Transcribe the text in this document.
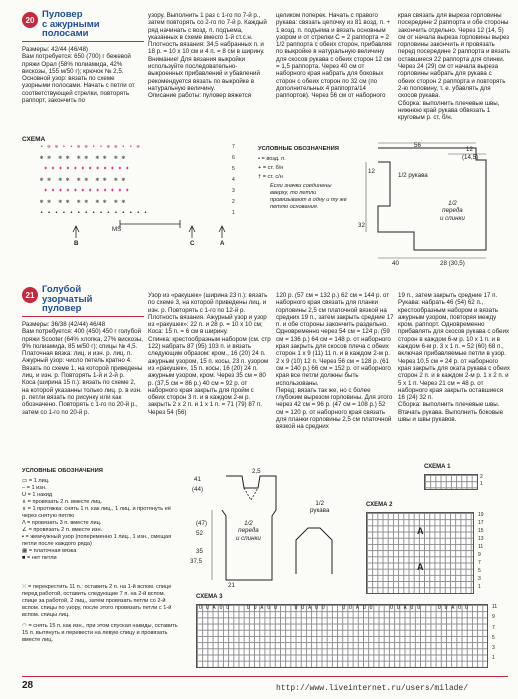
20 Пуловер
с ажурными
полосами
Размеры: 42/44 (46/48)
Вам потребуется: 650 (700) г бежевой пряжи Орал (58% полиамида, 42% вискозы, 155 м/50 г); крючок № 2,5.
Основной узор: вязать по схеме узорными полосами. Начать с петли от соответствующей стрелки, повторять раппорт, закончить по
узору. Выполнить 1 раз с 1-го по 7-й р., затем повторять со 2-го по 7-й р. Каждый ряд начинать с возд. п. подъема, указанных в схеме вмесго 1-й ст.с.н.
Плотность вязания: 34,5 набранных п. и 18 р. = 10 х 10 см и 4 п. = 8 см в ширину.
Внимание! Для вязания выкройки используйте последовательно-выкроенных прибавлений и убавлений рекомендуется вязать по выкройке в натуральную величину.
Описание работы: пуловер вяжется
целиком поперек. Начать с правого рукава: связать цепочку из 81 возд. п. + 1 возд. п. подъема и вязать основным узором и от стрелки С = 2 раппорта = 2 1/2 раппорта с обеих сторон, прибавляя по выкройке в натуральную величину для скосов рукава с обеих сторон 12 см = 1,5 раппорта. Через 40 см от наборного края набрать для боковых сторон с обеих сторон по 32 см (по дополнительных 4 раппорта/14 раппортов). Через 56 см от наборного
края связать для выреза горловины посередине 2 раппорта и обе стороны закончить отдельно. Через 12 (14, 5) см от начала выреза горловины вырез горловины закончить и провязать перед посередине 2 раппорта и вязать оставшиеся 22 раппорта для спинки. Через 24 (29) см от начала выреза горловины набрать для рукава с обеих сторон 2 раппорта и повторять 2-ю половину, т. е. убавлять для скосов рукава.
Сборка: выполнить плечевые швы, нижнюю край рукава обвязать 1 круговым р. ст. б/н.
СХЕМА
• ⊕ ⊕ • • ⊕ ⊕ • • ⊕ ⊕ • • ⊕
✻ ✻  ✻ ✻  ✻ ✻  ✻ ✻  ✻ ✻
♦ ♦ ♦ ♦ ♦ ♦ ♦ ♦ ♦ ♦ ♦ ♦
✻ ✻  ✻ ✻  ✻ ✻  ✻ ✻  ✻ ✻
♦ ♦ ♦ ♦ ♦ ♦ ♦ ♦ ♦ ♦ ♦ ♦
✻ ✻  ✻ ✻  ✻ ✻  ✻ ✻  ✻ ✻
• • • • • • • • • • • • • • •
7
6
5
4
3
2
1
MS
B	C	A
УСЛОВНЫЕ ОБОЗНАЧЕНИЯ
• = возд. п.
+ = ст. б/н
† = ст. с/н
Если значки соединены вверху, то петли провязывают в одну и ту же петлю основания.
56
12
(14,5)
12
1/2 рукава
1/2
переда
и спинки
32
40	28 (30,5)
21 Голубой
узорчатый
пуловер
Размеры: 36/38 (42/44) 46/48
Вам потребуется: 400 (450) 450 г голубой пряжи Scooter (64% хлопка, 27% вискозы, 9% полиамида, 85 м/50 г); спицы № 4,5.
Платочная вязка: лиц. и изн. р. лиц. п.
Ажурный узор: число петель кратно 4. Вязать по схеме 1, на которой приведены лиц. и изн. р. Повторять 1-й и 2-й р.
Коса (ширина 15 п.): вязать по схеме 2, на которой указанны только лиц. р. в изн. р. петли вязать по рисунку или как обозначено. Повторять с 1-го по 20-й р., затем со 1-го по 20-й р.
Узор из «ракушек» (ширина 23 п.): вязать по схеме 3, на которой приведены лиц. и изн. р. Повторять с 1-го по 12-й р.
Плотность вязания. Ажурный узор и узор из «ракушек»: 22 п. и 28 р. = 10 х 10 см; Коса: 15 п. = 6 см в ширину.
Спинка: крестообразным набором (см. стр 122) набрать 87 (95) 103 п. и вязать следующим образом: кром., 16 (20) 24 п. ажурным узором, 15 п. косы, 23 п. узором из «ракушек», 15 п. косы, 16 (20) 24 п. ажурным узором, кром. Через 35 см = 80 р. (37,5 см = 86 р.) 40 см = 92 р. от наборного края закрыть для пройм с обеих сторон 3 п. и в каждом 2-м р. закрыть 2 х 2 п. и 1 х 1 п. = 71 (79) 87 п. Через 54 (56)
120 р. (57 см = 132 р.) 62 см = 144 р. от наборного края связать для планки горловины 2,5 см платочной вязкой на средних 19 п., затем закрыть средние 17 п. и обе стороны закончить раздельно. Одновременно через 54 см = 124 р. (59 см = 136 р.) 64 см = 148 р. от наборного края закрыть для скосов плеча с обеих сторон 1 х 9 (11) 11 п. и в каждом 2-м р. 2 х 9 (10) 12 п. Через 56 см = 128 р. (61 см = 140 р.) 66 см = 152 р. от наборного края все петли должны быть использованы.
Перед: вязать так же, но с более глубоким вырезом горловины. Для этого через 42 см = 96 р. (47 см = 108 р.) 52 см = 120 р. от наборного края связать для планки горловины 2,5 см платочной вязкой на средних
19 п., затем закрыть средние 17 п.
Рукава: набрать 46 (54) 62 п., крестообразным набором и вязать ажурным узором, повторяя между кром. раппорт. Одновременно прибавлять для скосов рукава с обеих сторон в каждом 6-м р. 10 х 1 п. и в каждом 6-м р. 3 х 1 п. = 52 (60) 68 п., включая прибавляемые петли в узор. Через 10,5 см = 24 р. от наборного края закрыть для оката рукава с обеих сторон 2 п. и в каждом 2-м р. 1 х 2 п. и 5 х 1 п. Через 21 см = 48 р. от наборного края закрыть оставшиеся 16 (24) 32 п.
Сборка: выполнить плечевые швы. Втачать рукава. Выполнить боковые швы и швы рукавов.
УСЛОВНЫЕ ОБОЗНАЧЕНИЯ
▭ = 1 лиц.
– = 1 изн.
U = 1 накид
∧ = провязать 2 п. вместе лиц.
∨ = 1 протяжка: снять 1 п. как лиц., 1 лиц. и протянуть её через снятую петлю
Λ = провязать 3 п. вместе лиц.
∠ = провязать 2 п. вместе изн.
▪ = жемчужный узор (попеременно 1 лиц., 1 изн., смещая петли после каждого ряда)
▦ = платочная вязка
■ = нет петли
⤫ = перекрестить 11 п.: оставить 2 п. на 1-й вспом. спице перед работой, оставить следующие 7 п. на 2-й вспом. спице за работой, 2 лиц., затем провязать петли со 2-й вспом. спицы по узору, после этого провязать петли с 1-й вспом. спицы лиц.
◠ = снять 15 п. как изн., при этом спуская накиды, оставить 15 п. вытянуть и перевести на левую спицу и провязать вместе лиц.
1/2
переда
и спинки
1/2
рукава
41
(44)
(47)
52
35
37,5
2,5
21
СХЕМА 1
2
1
СХЕМА 2
A
A
19
17
15
13
11
9
7
5
3
1
СХЕМА 3
U U A U U     U U A U U     U U A U U     U U A U U     U U A U U     U U A U U	11
9
7
5
3
1
28	http://www.liveinternet.ru/users/milade/
